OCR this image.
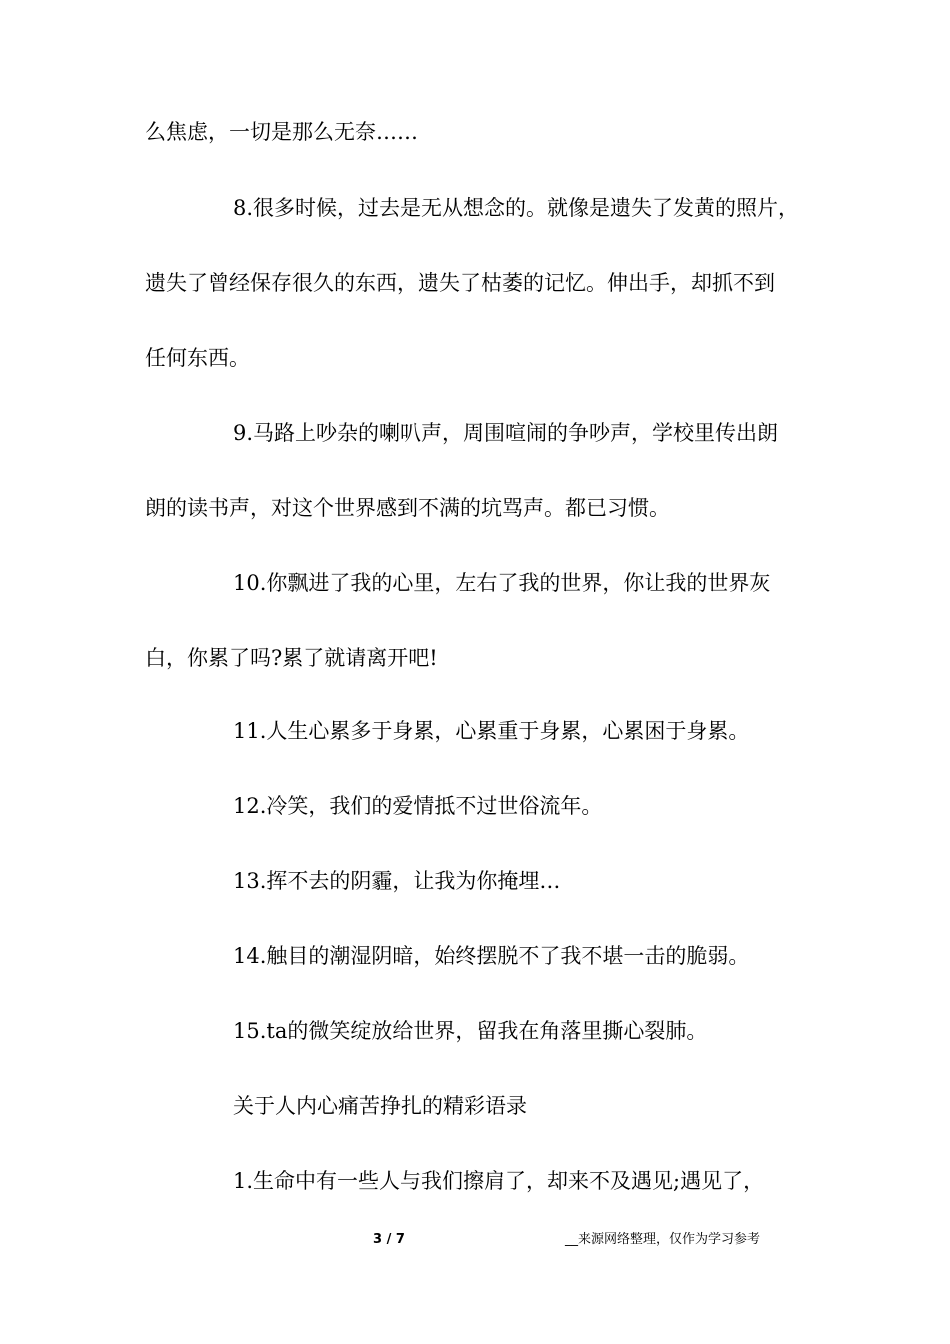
么焦虑，一切是那么无奈……
8.很多时候，过去是无从想念的。就像是遗失了发黄的照片，
遗失了曾经保存很久的东西，遗失了枯萎的记忆。伸出手，却抓不到
任何东西。
9.马路上吵杂的喇叭声，周围喧闹的争吵声，学校里传出朗
朗的读书声，对这个世界感到不满的坑骂声。都已习惯。
10.你飘进了我的心里，左右了我的世界，你让我的世界灰
白，你累了吗?累了就请离开吧!
11.人生心累多于身累，心累重于身累，心累困于身累。
12.冷笑，我们的爱情抵不过世俗流年。
13.挥不去的阴霾，让我为你掩埋…
14.触目的潮湿阴暗，始终摆脱不了我不堪一击的脆弱。
15.ta的微笑绽放给世界，留我在角落里撕心裂肺。
关于人内心痛苦挣扎的精彩语录
1.生命中有一些人与我们擦肩了，却来不及遇见;遇见了，
3 / 7	__来源网络整理，仅作为学习参考
